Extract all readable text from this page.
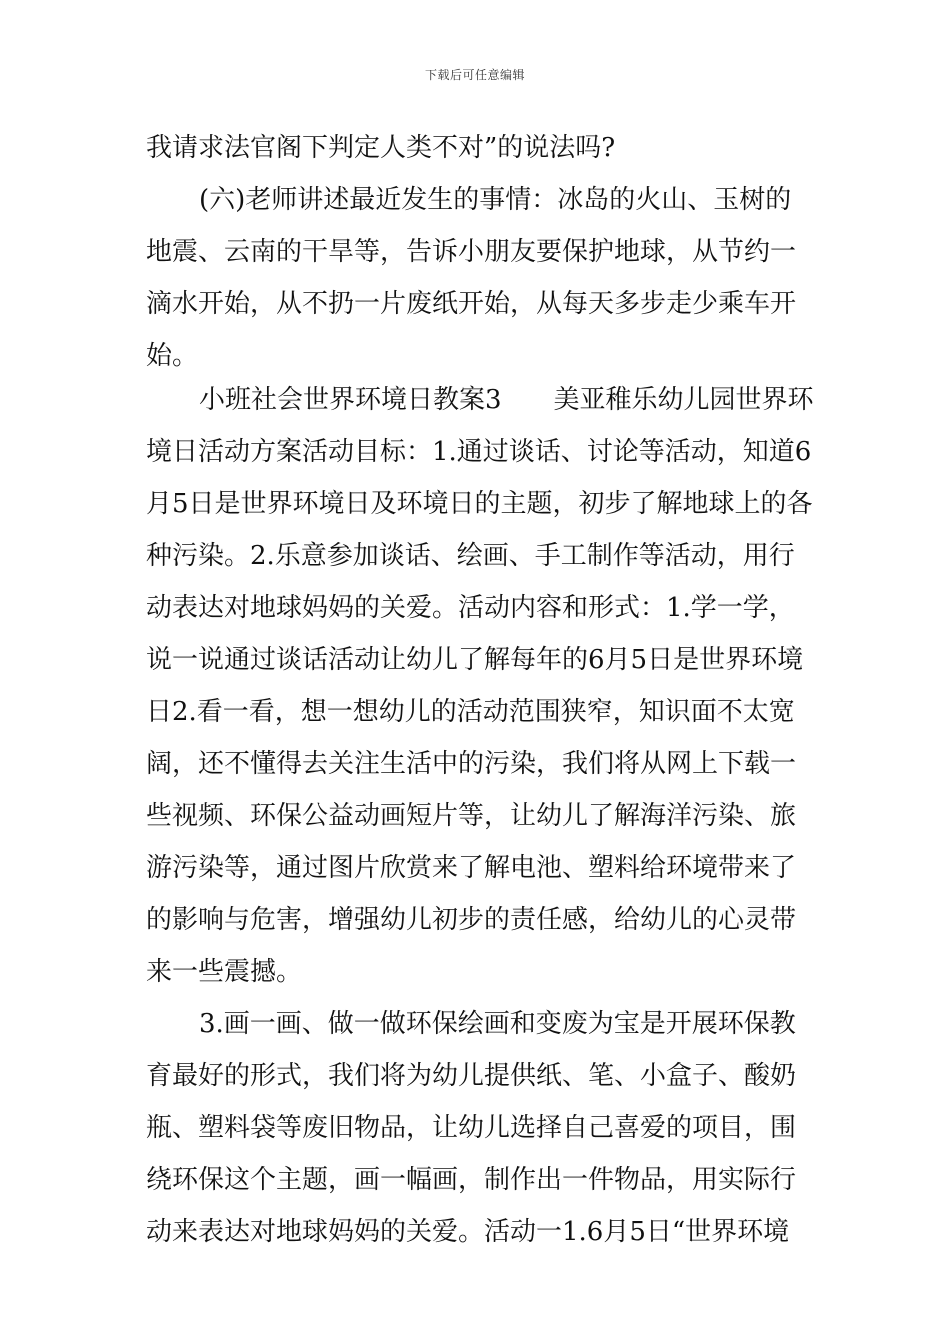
下载后可任意编辑
我请求法官阁下判定人类不对”的说法吗?
(六)老师讲述最近发生的事情：冰岛的火山、玉树的
地震、云南的干旱等，告诉小朋友要保护地球，从节约一
滴水开始，从不扔一片废纸开始，从每天多步走少乘车开
始。
小班社会世界环境日教案3　　美亚稚乐幼儿园世界环
境日活动方案活动目标：1.通过谈话、讨论等活动，知道6
月5日是世界环境日及环境日的主题，初步了解地球上的各
种污染。2.乐意参加谈话、绘画、手工制作等活动，用行
动表达对地球妈妈的关爱。活动内容和形式：1.学一学，
说一说通过谈话活动让幼儿了解每年的6月5日是世界环境
日2.看一看，想一想幼儿的活动范围狭窄，知识面不太宽
阔，还不懂得去关注生活中的污染，我们将从网上下载一
些视频、环保公益动画短片等，让幼儿了解海洋污染、旅
游污染等，通过图片欣赏来了解电池、塑料给环境带来了
的影响与危害，增强幼儿初步的责任感，给幼儿的心灵带
来一些震撼。
3.画一画、做一做环保绘画和变废为宝是开展环保教
育最好的形式，我们将为幼儿提供纸、笔、小盒子、酸奶
瓶、塑料袋等废旧物品，让幼儿选择自己喜爱的项目，围
绕环保这个主题，画一幅画，制作出一件物品，用实际行
动来表达对地球妈妈的关爱。活动一1.6月5日“世界环境
